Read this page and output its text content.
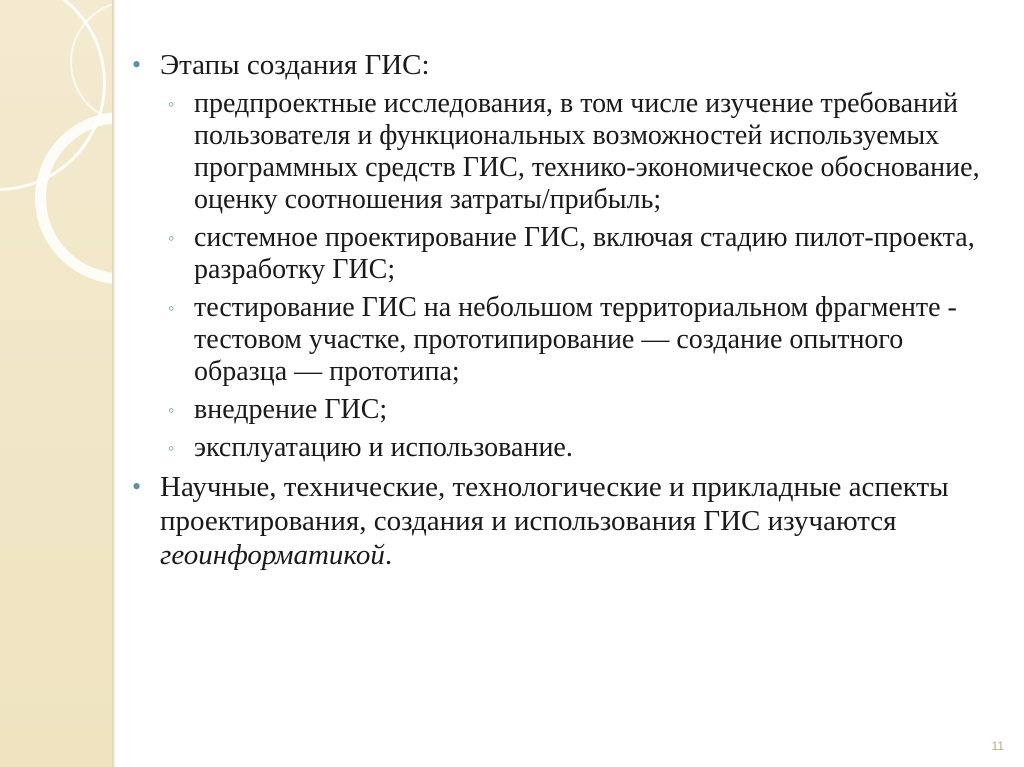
• Этапы создания ГИС:
◦ предпроектные исследования, в том числе изучение требований пользователя и функциональных возможностей используемых программных средств ГИС, технико-экономическое обоснование, оценку соотношения затраты/прибыль;
◦ системное проектирование ГИС, включая стадию пилот-проекта, разработку ГИС;
◦ тестирование ГИС на небольшом территориальном фрагменте - тестовом участке, прототипирование — создание опытного образца — прототипа;
◦ внедрение ГИС;
◦ эксплуатацию и использование.
• Научные, технические, технологические и прикладные аспекты проектирования, создания и использования ГИС изучаются геоинформатикой.
11
